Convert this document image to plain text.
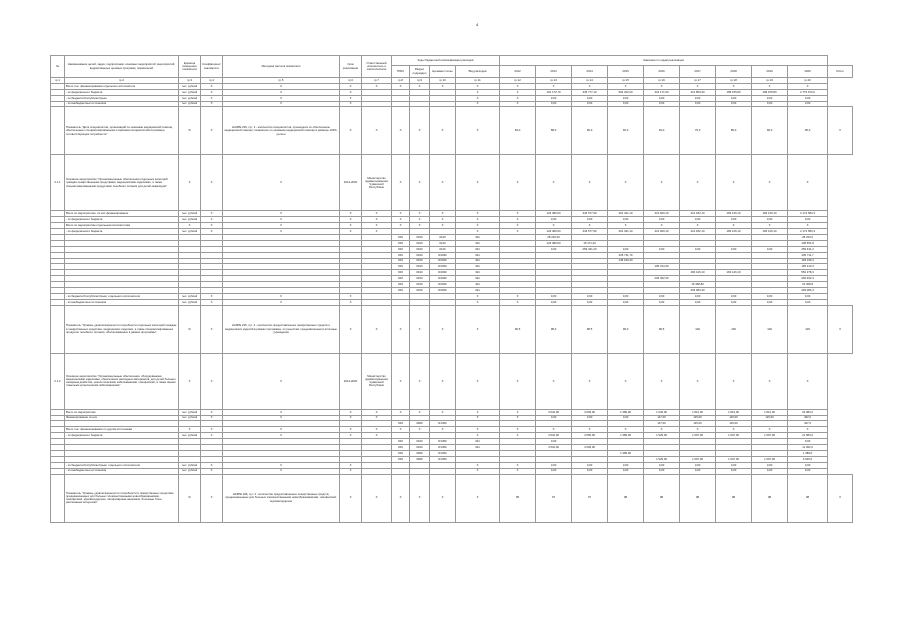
4
№	Наименование целей, задач, подпрограмм, основных мероприятий, мероприятий, ведомственных целевых программ, показателей	Единица измерения показателя	Коэффициент значимости	Методика расчета показателя	Срок реализации	Ответственный исполнитель и соисполнители	Коды бюджетной классификации расходов				Значения по годам реализации									
							ГРБС	Раздел подраздел	Целевая статья	Вид расходов	2012	2013	2014	2015	2016	2017	2018	2019	2020	Итого
гр.1	гр.2	гр.3	гр.4	гр.5	гр.6	гр.7	гр.8	гр.9	гр.10	гр.11	гр.12	гр.13	гр.14	гр.15	гр.16	гр.17	гр.18	гр.19	гр.20	
	Всего тыс. финансирования отдельного исполнителя	тыс. рублей	X	X	X	X	X	X	X	X	X	X	X	X	X	X	X	X	X	
	- из федерального бюджета	тыс. рублей	X	X	X					X	X	191 172,70	345 777,10	594 232,00	423 171,50	412 853,30	189 155,80	189 155,80	2 776 673,0	
	- из бюджета Республики Крым	тыс. рублей	X	X	X					X	X	0,00	0,00	0,00	0,00	0,00	0,00	0,00	0,00	
	- из внебюджетных источников	тыс. рублей	X	X	X					X	X	0,00	0,00	0,00	0,00	0,00	0,00	0,00	0,00	
	Показатель "Доля специалистов, организаций по оказанию медицинской помощи, обеспеченных специализированными и врачами-специалистами в размере, соответствующем потребности"	%	X	НАЗРЕ 226, сут. 4 - количество специалистов, прошедших по обеспечению медицинской помощи; показатель по оказанию медицинской помощи в размере 100%, регион	X	X	X	X	X	X	84,0	88,0	90,0	92,0	93,0	75,0	85,0	90,0	95,0	X
2.1.1	Основное мероприятие "Организационные обеспечения отдельных категорий граждан лекарственными средствами, медицинскими изделиями, а также специализированными продуктами лечебного питания для детей-инвалидов"	X	X	X	2014-2020	Министерство здравоохранения Чувашской Республики	X	X	X	X	X	X	X	X	X	X	X	X	X	
	Всего по мероприятию, из них финансирование	тыс. рублей	X	X	X	X	X	X	X	X	X	123 480,60	343 577,90	491 431,10	421 920,10	412 182,10	184 126,10	184 126,10	2 172 584,3	
	- из федерального бюджета	тыс. рублей	X	X	X	X	X	X	X	X	X	0,00	0,00	0,00	0,00	0,00	0,00	0,00	0,00	
	Всего по мероприятию отдельным исполнителям	X	X	X	X	X	X	X	X	X	X	X	X	X	X	X	X	X	X	
	- из федерального бюджета	тыс. рублей	X	X	X	X				X	X	123 480,60	343 577,90	491 431,10	421 920,10	412 182,10	184 126,10	184 126,10	2 172 584,3	
							903	0910	0120	321		28 220,00							28 220,0	
							903	0910	0120	321		123 480,60	15 171,20						138 651,8	
							903	0910	0120	321		0,00	259 431,20	0,00	0,00	0,00	0,00	0,00	259 431,2	
							903	0910	R4030	321				205 711,70					205 711,7	
							903	0910	R4030	321				148 199,40					148 199,4	
							903	0910	R4030	321					195 313,30				195 313,3	
							903	0910	R4030	321						184 126,10	184 126,10		552 378,3	
							903	0910	R4030	321					206 452,30				206 452,3	
							903	0910	R4030	321						15 368,80			15 368,8	
							903	0910	R4030	321						293 084,30			293 084,3	
	- из бюджета Республики Крым, отдельного исполнителя	тыс. рублей	X	X	X					X	X	0,00	0,00	0,00	0,00	0,00	0,00	0,00	0,00	
	- из внебюджетных источников	тыс. рублей	X	X	X					X	X	0,00	0,00	0,00	0,00	0,00	0,00	0,00	0,00	
	Показатель "Уровень удовлетворенности потребности отдельных категорий граждан в лекарственных средствах, медицинских изделиях, а также специализированных продуктах лечебного питания, обеспечиваемых в рамках программы"	%	X	НАЗРЕ 226, сут. 4 - количество предоставленных лекарственных средств и медицинских изделий в рамках программы, по рецептам, предъявленным в аптечные учреждения	X	X	X	X	X	X	96,5	98,0	98,5	99,0	99,5	100	100	100	100	X
2.1.2	Основное мероприятие "Организационные обеспечения, оборудованием, медицинскими изделиями, обеспечение расходных материалов, для детей больных сахарным диабетом, онкологическими заболеваниями, гемофилией, а также иными тяжелыми хроническими заболеваниями"	X	X	X	2014-2020	Министерство здравоохранения Чувашской Республики	X	X	X	X	X	X	X	X	X	X	X	X	X	
	Всего по мероприятию	тыс. рублей	X	X	X	X	X	X	X	X	X	4 542,00	4 605,00	1 389,00	1 646,00	1 812,00	1 812,00	1 812,00	23 082,0	
	Финансирование из них	тыс. рублей	X	X	X	X				X	X	0,00	0,00	0,00	117,00	115,00	115,00	115,00	462,0	
							903	0909	R1450						117,00	115,00	115,00		347,0	
	Всего тыс. финансирования по другим источникам	X	X	X	X	X	X	X	X	X	X	X	X	X	X	X	X	X	X	
	- из федерального бюджета	тыс. рублей	X	X	X	X				X	X	4 542,00	4 605,00	1 389,00	1 529,00	1 697,00	1 697,00	1 697,00	21 584,0	
							903	0910	R1450	321		0,00							0,00	
							903	0910	R1450	321		4 542,00	4 605,00						11 062,0	
							903	0909	R1450					1 389,00					1 389,0	
							903	0909	R1450						1 529,00	1 697,00	1 697,00	1 697,00	6 620,0	
	- из бюджета Республики Крым, отдельного исполнителя	тыс. рублей	X	X	X					X	X	0,00	0,00	0,00	0,00	0,00	0,00	0,00	0,00	
	- из внебюджетных источников	тыс. рублей	X	X	X					X	X	0,00	0,00	0,00	0,00	0,00	0,00	0,00	0,00	
	Показатель "Уровень удовлетворенности потребности в лекарственных средствах, предназначенных для больных злокачественными новообразованиями, гемофилией, муковисцидозом, гипофизарным нанизмом, болезнью Гоше, рассеянным склерозом"	%	X	НАЗРЕ 226, сут. 4 - количество предоставленных лекарственных средств, предназначенных для больных злокачественными новообразованиями, гемофилией, муковисцидозом	X	X	X	X	X	X	95	97	97	98	98	98	98	98	98	X
